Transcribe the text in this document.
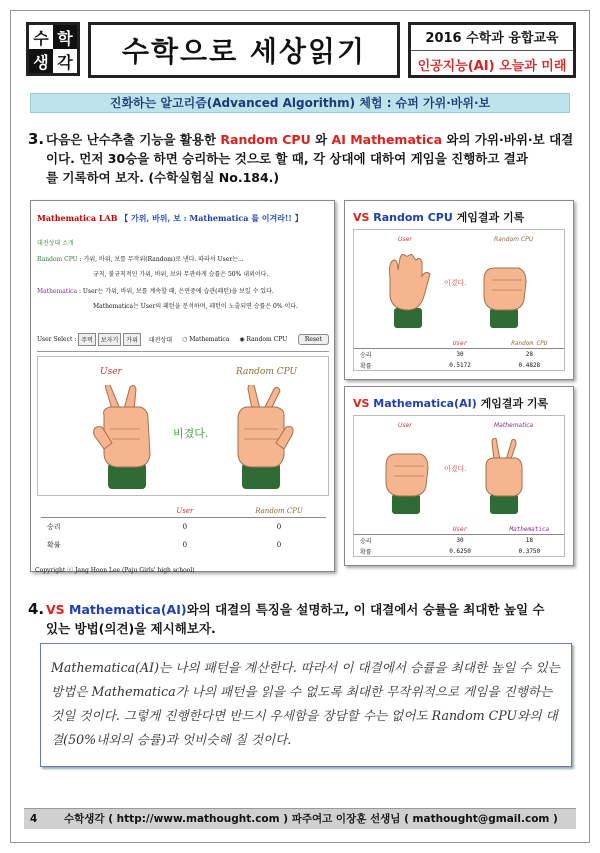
수 학
생 각	수학으로 세상읽기	2016 수학과 융합교육
인공지능(AI) 오늘과 미래
진화하는 알고리즘(Advanced Algorithm) 체험 : 슈퍼 가위·바위·보
3. 다음은 난수추출 기능을 활용한 Random CPU 와 AI Mathematica 와의 가위·바위·보 대결
이다. 먼저 30승을 하면 승리하는 것으로 할 때, 각 상대에 대하여 게임을 진행하고 결과
를 기록하여 보자. (수학실험실 No.184.)
Mathematica LAB 【 가위, 바위, 보 : Mathematica 를 이겨라!! 】
대전상대 소개
Random CPU : 가위, 바위, 보를 무작위(Random)로 낸다. 따라서 User는...
규칙, 불규칙적인 가위, 바위, 보와 무관하게 승률은 50% 내외이다.
Mathematica : User는 가위, 바위, 보를 계속할 때, 은연중에 습관(패턴)을 보일 수 있다.
Mathematica는 User의 패턴을 분석하며, 패턴이 노출되면 승률은 0% 이다.
User Select : 주먹	보자기	가위	대전상대 ○ Mathematica ◉ Random CPU	Reset
User	Random CPU
비겼다.
User	Random CPU
승리	0	0
확률	0	0
Copyright ⓒ Jang Hoon Lee (Paju Girls' high school)
VS Random CPU 게임결과 기록
User	Random CPU
이겼다.
User	Random CPU
승리	30	28
확률	0.5172	0.4828
VS Mathematica(AI) 게임결과 기록
User	Mathematica
이겼다.
User	Mathematica
승리	30	18
확률	0.6250	0.3750
4. VS Mathematica(AI)와의 대결의 특징을 설명하고, 이 대결에서 승률을 최대한 높일 수
있는 방법(의견)을 제시해보자.
Mathematica(AI)는 나의 패턴을 계산한다. 따라서 이 대결에서 승률을 최대한 높일 수 있는 방법은 Mathematica가 나의 패턴을 읽을 수 없도록 최대한 무작위적으로 게임을 진행하는 것일 것이다. 그렇게 진행한다면 반드시 우세함을 장담할 수는 없어도 Random CPU와의 대결(50%내외의 승률)과 엇비슷해 질 것이다.
4	수학생각 ( http://www.mathought.com ) 파주여고 이장훈 선생님 ( mathought@gmail.com )
